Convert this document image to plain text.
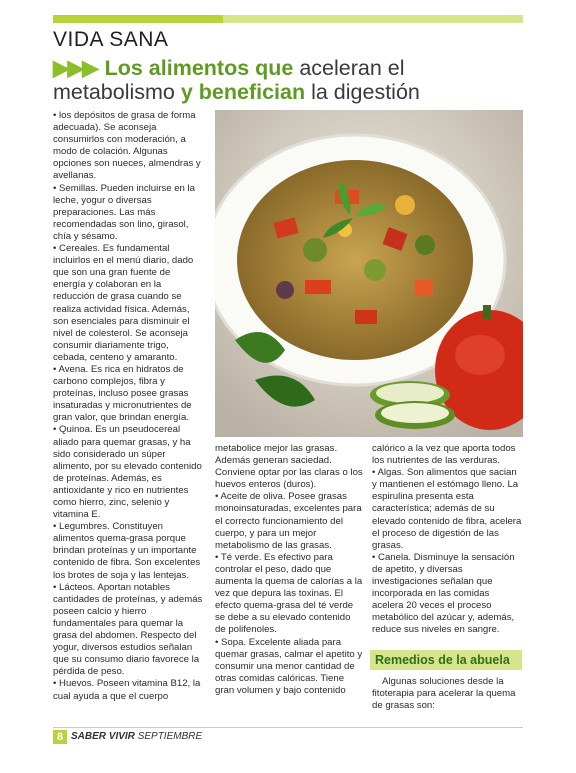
VIDA SANA
▶▶▶ Los alimentos que aceleran el metabolismo y benefician la digestión

• los depósitos de grasa de forma adecuada). Se aconseja consumirlos con moderación, a modo de colación. Algunas opciones son nueces, almendras y avellanas.

• Semillas. Pueden incluirse en la leche, yogur o diversas preparaciones. Las más recomendadas son lino, girasol, chía y sésamo.

• Cereales. Es fundamental incluirlos en el menú diario, dado que son una gran fuente de energía y colaboran en la reducción de grasa cuando se realiza actividad física. Además, son esenciales para disminuir el nivel de colesterol. Se aconseja consumir diariamente trigo, cebada, centeno y amaranto.

• Avena. Es rica en hidratos de carbono complejos, fibra y proteínas, incluso posee grasas insaturadas y micronutrientes de gran valor, que brindan energía.

• Quinoa. Es un pseudocereal aliado para quemar grasas, y ha sido considerado un súper alimento, por su elevado contenido de proteínas. Además, es antioxidante y rico en nutrientes como hierro, zinc, selenio y vitamina E.

• Legumbres. Constituyen alimentos quema-grasa porque brindan proteínas y un importante contenido de fibra. Son excelentes los brotes de soja y las lentejas.

• Lácteos. Aportan notables cantidades de proteínas, y además poseen calcio y hierro fundamentales para quemar la grasa del abdomen. Respecto del yogur, diversos estudios señalan que su consumo diario favorece la pérdida de peso.

• Huevos. Poseen vitamina B12, la cual ayuda a que el cuerpo

metabolice mejor las grasas. Además generan saciedad. Conviene optar por las claras o los huevos enteros (duros).

• Aceite de oliva. Posee grasas monoinsaturadas, excelentes para el correcto funcionamiento del cuerpo, y para un mejor metabolismo de las grasas.

• Té verde. Es efectivo para controlar el peso, dado que aumenta la quema de calorías a la vez que depura las toxinas. El efecto quema-grasa del té verde se debe a su elevado contenido de polifenoles.

• Sopa. Excelente aliada para quemar grasas, calmar el apetito y consumir una menor cantidad de otras comidas calóricas. Tiene gran volumen y bajo contenido

calórico a la vez que aporta todos los nutrientes de las verduras.

• Algas. Son alimentos que sacian y mantienen el estómago lleno. La espirulina presenta esta característica; además de su elevado contenido de fibra, acelera el proceso de digestión de las grasas.

• Canela. Disminuye la sensación de apetito, y diversas investigaciones señalan que incorporada en las comidas acelera 20 veces el proceso metabólico del azúcar y, además, reduce sus niveles en sangre.

Remedios de la abuela

Algunas soluciones desde la fitoterapia para acelerar la quema de grasas son:

8 SABER VIVIR SEPTIEMBRE
